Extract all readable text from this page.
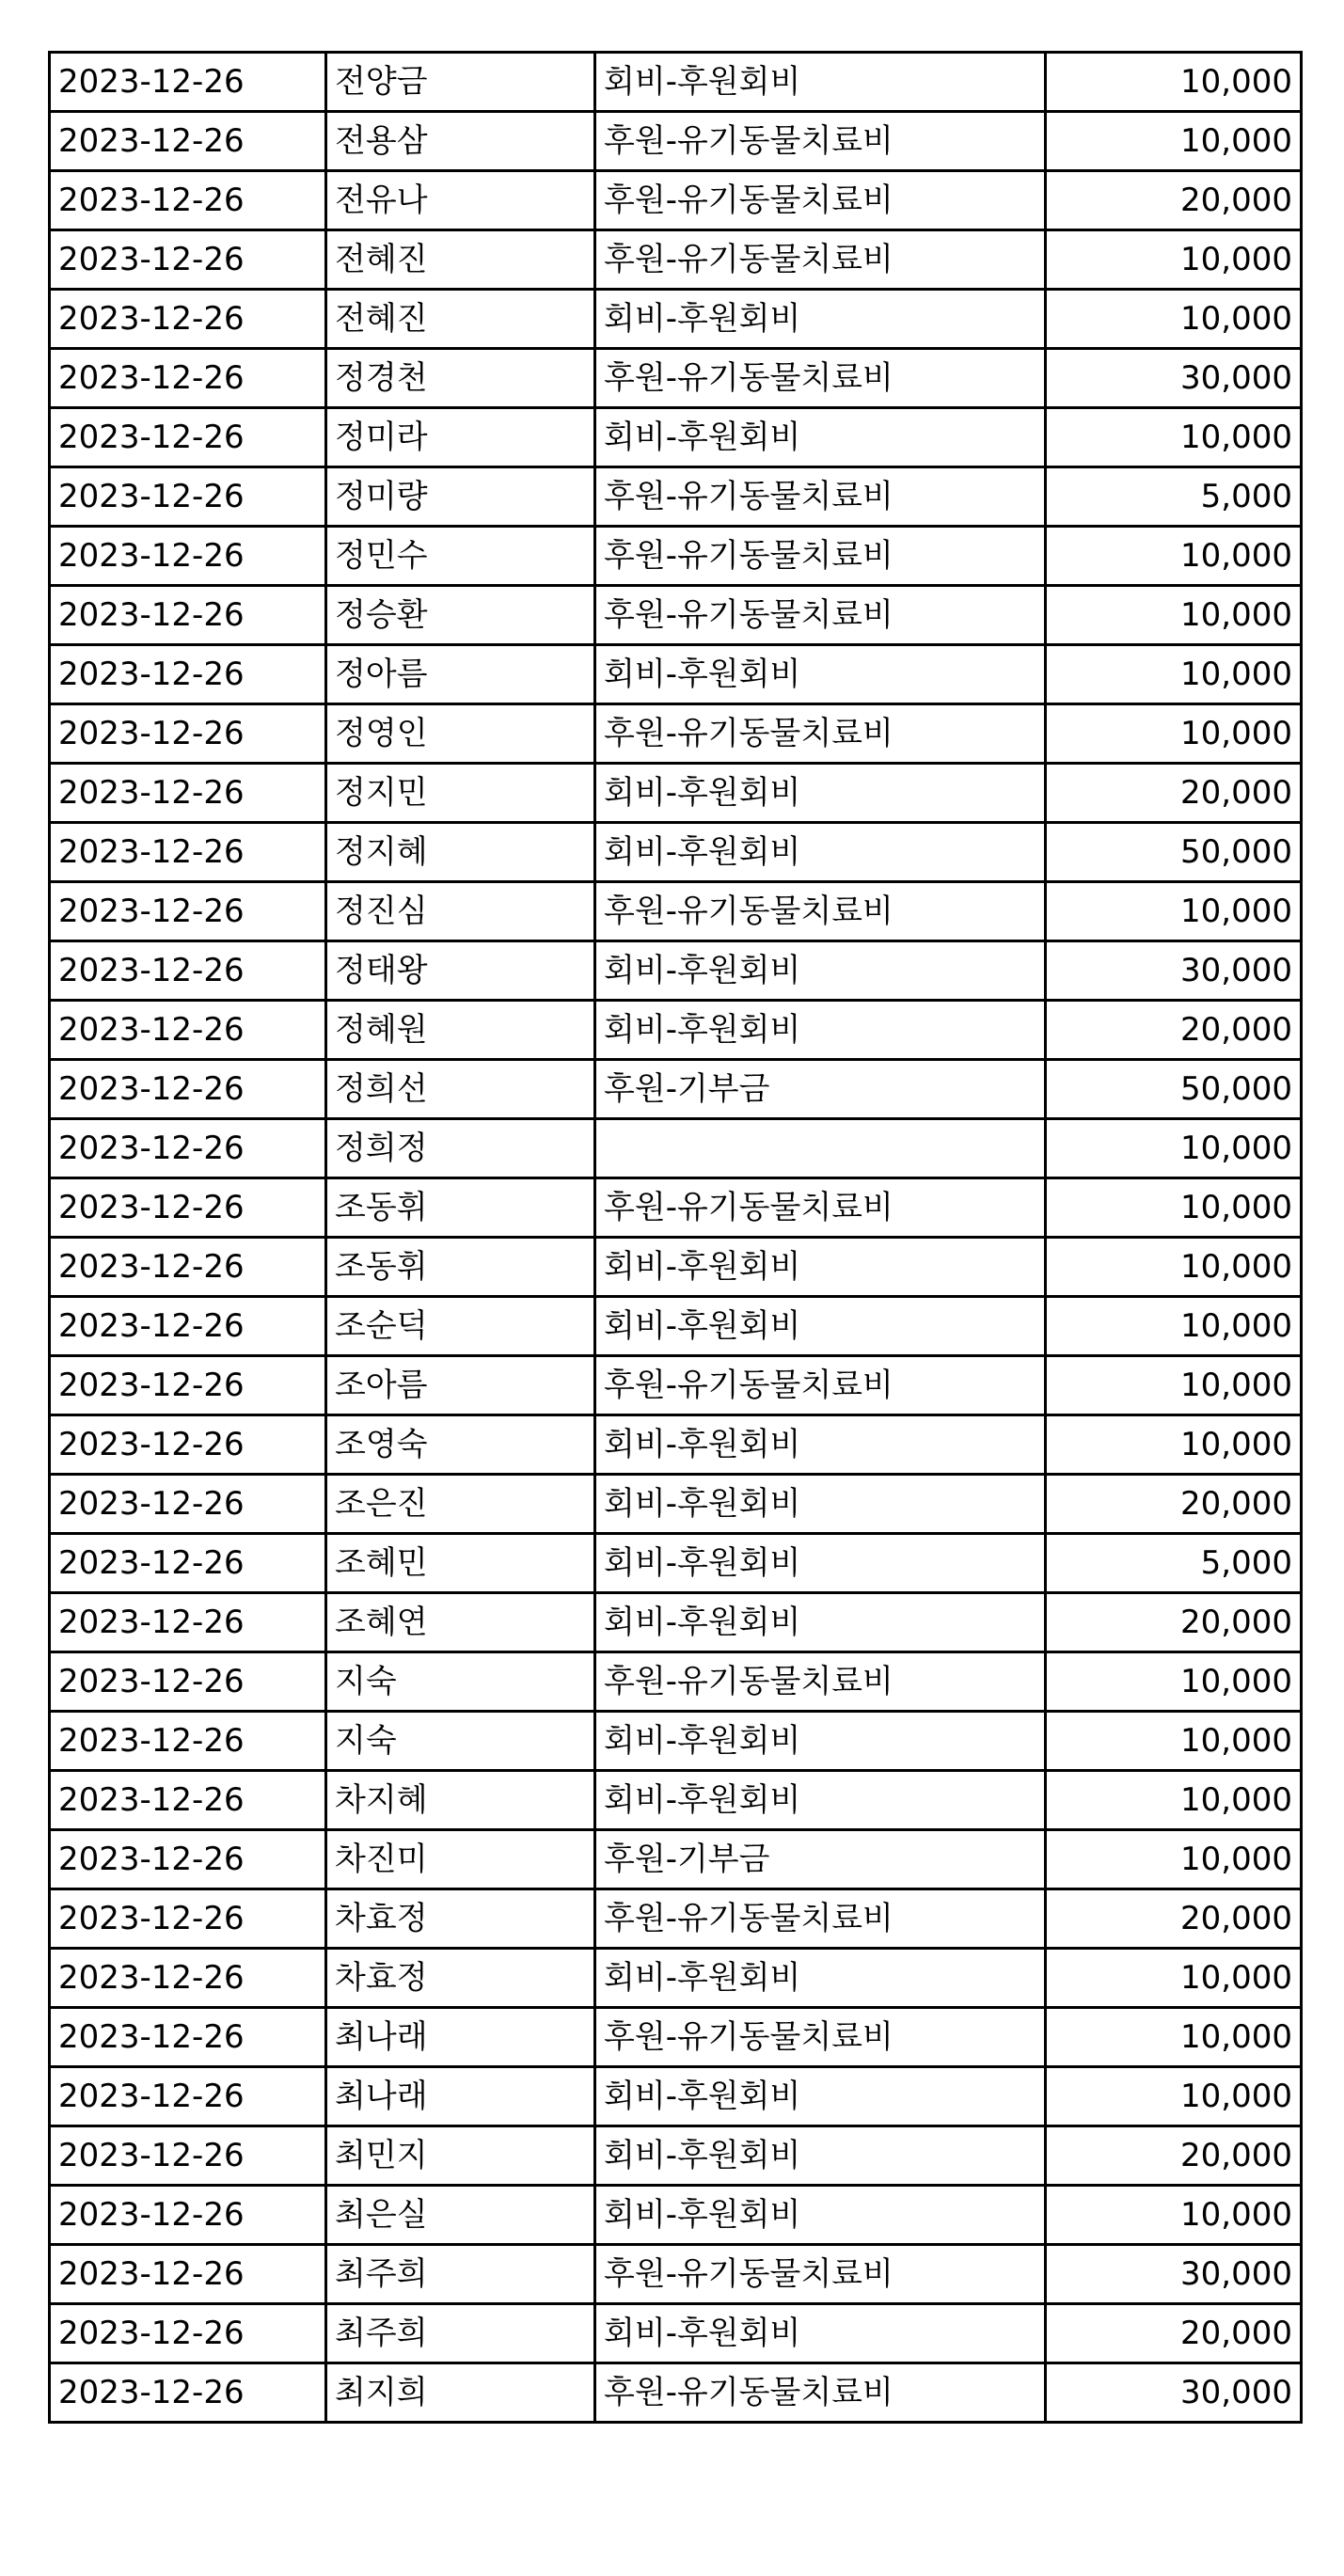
2023-12-26	전양금	회비-후원회비	10,000
2023-12-26	전용삼	후원-유기동물치료비	10,000
2023-12-26	전유나	후원-유기동물치료비	20,000
2023-12-26	전혜진	후원-유기동물치료비	10,000
2023-12-26	전혜진	회비-후원회비	10,000
2023-12-26	정경천	후원-유기동물치료비	30,000
2023-12-26	정미라	회비-후원회비	10,000
2023-12-26	정미량	후원-유기동물치료비	5,000
2023-12-26	정민수	후원-유기동물치료비	10,000
2023-12-26	정승환	후원-유기동물치료비	10,000
2023-12-26	정아름	회비-후원회비	10,000
2023-12-26	정영인	후원-유기동물치료비	10,000
2023-12-26	정지민	회비-후원회비	20,000
2023-12-26	정지혜	회비-후원회비	50,000
2023-12-26	정진심	후원-유기동물치료비	10,000
2023-12-26	정태왕	회비-후원회비	30,000
2023-12-26	정혜원	회비-후원회비	20,000
2023-12-26	정희선	후원-기부금	50,000
2023-12-26	정희정		10,000
2023-12-26	조동휘	후원-유기동물치료비	10,000
2023-12-26	조동휘	회비-후원회비	10,000
2023-12-26	조순덕	회비-후원회비	10,000
2023-12-26	조아름	후원-유기동물치료비	10,000
2023-12-26	조영숙	회비-후원회비	10,000
2023-12-26	조은진	회비-후원회비	20,000
2023-12-26	조혜민	회비-후원회비	5,000
2023-12-26	조혜연	회비-후원회비	20,000
2023-12-26	지숙	후원-유기동물치료비	10,000
2023-12-26	지숙	회비-후원회비	10,000
2023-12-26	차지혜	회비-후원회비	10,000
2023-12-26	차진미	후원-기부금	10,000
2023-12-26	차효정	후원-유기동물치료비	20,000
2023-12-26	차효정	회비-후원회비	10,000
2023-12-26	최나래	후원-유기동물치료비	10,000
2023-12-26	최나래	회비-후원회비	10,000
2023-12-26	최민지	회비-후원회비	20,000
2023-12-26	최은실	회비-후원회비	10,000
2023-12-26	최주희	후원-유기동물치료비	30,000
2023-12-26	최주희	회비-후원회비	20,000
2023-12-26	최지희	후원-유기동물치료비	30,000
